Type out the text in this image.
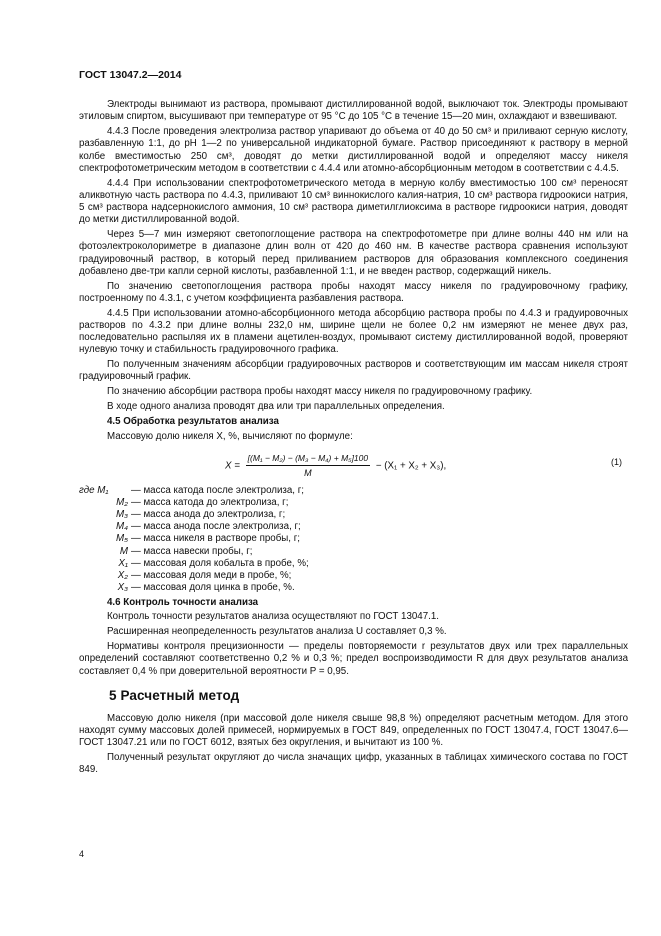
ГОСТ 13047.2—2014

Электроды вынимают из раствора, промывают дистиллированной водой, выключают ток. Электроды промывают этиловым спиртом, высушивают при температуре от 95 °С до 105 °С в течение 15—20 мин, охлаждают и взвешивают.

4.4.3 После проведения электролиза раствор упаривают до объема от 40 до 50 см³ и приливают серную кислоту, разбавленную 1:1, до рН 1—2 по универсальной индикаторной бумаге. Раствор присоединяют к раствору в мерной колбе вместимостью 250 см³, доводят до метки дистиллированной водой и определяют массу никеля спектрофотометрическим методом в соответствии с 4.4.4 или атомно-абсорбционным методом в соответствии с 4.4.5.

4.4.4 При использовании спектрофотометрического метода в мерную колбу вместимостью 100 см³ переносят аликвотную часть раствора по 4.4.3, приливают 10 см³ виннокислого калия-натрия, 10 см³ раствора гидроокиси натрия, 5 см³ раствора надсернокислого аммония, 10 см³ раствора диметилглиоксима в растворе гидроокиси натрия, доводят до метки дистиллированной водой.

Через 5—7 мин измеряют светопоглощение раствора на спектрофотометре при длине волны 440 нм или на фотоэлектроколориметре в диапазоне длин волн от 420 до 460 нм. В качестве раствора сравнения используют градуировочный раствор, в который перед приливанием растворов для образования комплексного соединения добавлено две-три капли серной кислоты, разбавленной 1:1, и не введен раствор, содержащий никель.

По значению светопоглощения раствора пробы находят массу никеля по градуировочному графику, построенному по 4.3.1, с учетом коэффициента разбавления раствора.

4.4.5 При использовании атомно-абсорбционного метода абсорбцию раствора пробы по 4.4.3 и градуировочных растворов по 4.3.2 при длине волны 232,0 нм, ширине щели не более 0,2 нм измеряют не менее двух раз, последовательно распыляя их в пламени ацетилен-воздух, промывают систему дистиллированной водой, проверяют нулевую точку и стабильность градуировочного графика.

По полученным значениям абсорбции градуировочных растворов и соответствующим им массам никеля строят градуировочный график.

По значению абсорбции раствора пробы находят массу никеля по градуировочному графику.

В ходе одного анализа проводят два или три параллельных определения.

4.5 Обработка результатов анализа

Массовую долю никеля X, %, вычисляют по формуле:

$X = \frac{\text{[(M₁ − M₂) − (M₃ − M₄) + M₅]100}}{M} - (X_1 + X_2 + X_3)$,	(1)
где M₁	— масса катода после электролиза, г;
M₂ — масса катода до электролиза, г;
M₃ — масса анода до электролиза, г;
M₄ — масса анода после электролиза, г;
M₅ — масса никеля в растворе пробы, г;
M — масса навески пробы, г;
X₁ — массовая доля кобальта в пробе, %;
X₂ — массовая доля меди в пробе, %;
X₃ — массовая доля цинка в пробе, %.
4.6 Контроль точности анализа

Контроль точности результатов анализа осуществляют по ГОСТ 13047.1.

Расширенная неопределенность результатов анализа U составляет 0,3 %.

Нормативы контроля прецизионности — пределы повторяемости r результатов двух или трех параллельных определений составляют соответственно 0,2 % и 0,3 %; предел воспроизводимости R для двух результатов анализа составляет 0,4 % при доверительной вероятности P = 0,95.

5 Расчетный метод

Массовую долю никеля (при массовой доле никеля свыше 98,8 %) определяют расчетным методом. Для этого находят сумму массовых долей примесей, нормируемых в ГОСТ 849, определенных по ГОСТ 13047.4, ГОСТ 13047.6—ГОСТ 13047.21 или по ГОСТ 6012, взятых без округления, и вычитают из 100 %.

Полученный результат округляют до числа значащих цифр, указанных в таблицах химического состава по ГОСТ 849.

4
